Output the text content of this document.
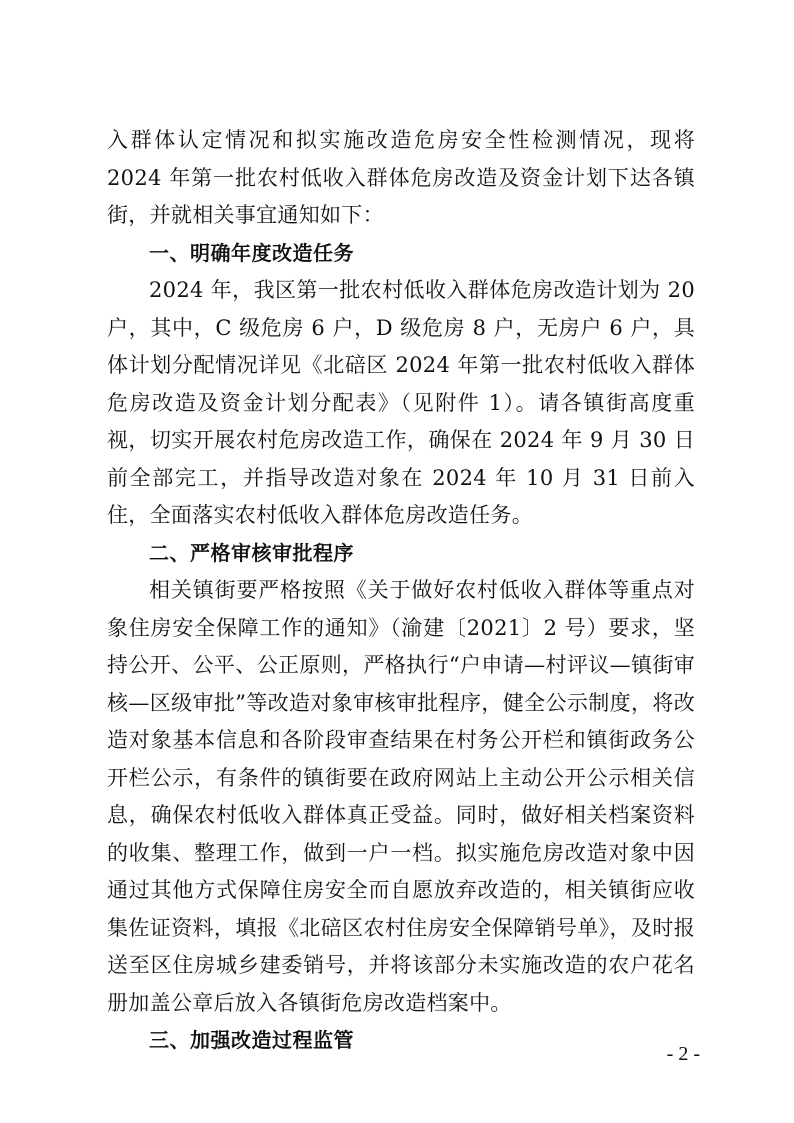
入群体认定情况和拟实施改造危房安全性检测情况，现将 2024 年第一批农村低收入群体危房改造及资金计划下达各镇街，并就相关事宜通知如下：

一、明确年度改造任务

2024 年，我区第一批农村低收入群体危房改造计划为 20 户，其中，C 级危房 6 户，D 级危房 8 户，无房户 6 户，具体计划分配情况详见《北碚区 2024 年第一批农村低收入群体危房改造及资金计划分配表》（见附件 1）。请各镇街高度重视，切实开展农村危房改造工作，确保在 2024 年 9 月 30 日前全部完工，并指导改造对象在 2024 年 10 月 31 日前入住，全面落实农村低收入群体危房改造任务。

二、严格审核审批程序

相关镇街要严格按照《关于做好农村低收入群体等重点对象住房安全保障工作的通知》（渝建〔2021〕2 号）要求，坚持公开、公平、公正原则，严格执行“户申请—村评议—镇街审核—区级审批”等改造对象审核审批程序，健全公示制度，将改造对象基本信息和各阶段审查结果在村务公开栏和镇街政务公开栏公示，有条件的镇街要在政府网站上主动公开公示相关信息，确保农村低收入群体真正受益。同时，做好相关档案资料的收集、整理工作，做到一户一档。拟实施危房改造对象中因通过其他方式保障住房安全而自愿放弃改造的，相关镇街应收集佐证资料，填报《北碚区农村住房安全保障销号单》，及时报送至区住房城乡建委销号，并将该部分未实施改造的农户花名册加盖公章后放入各镇街危房改造档案中。

三、加强改造过程监管
- 2 -
